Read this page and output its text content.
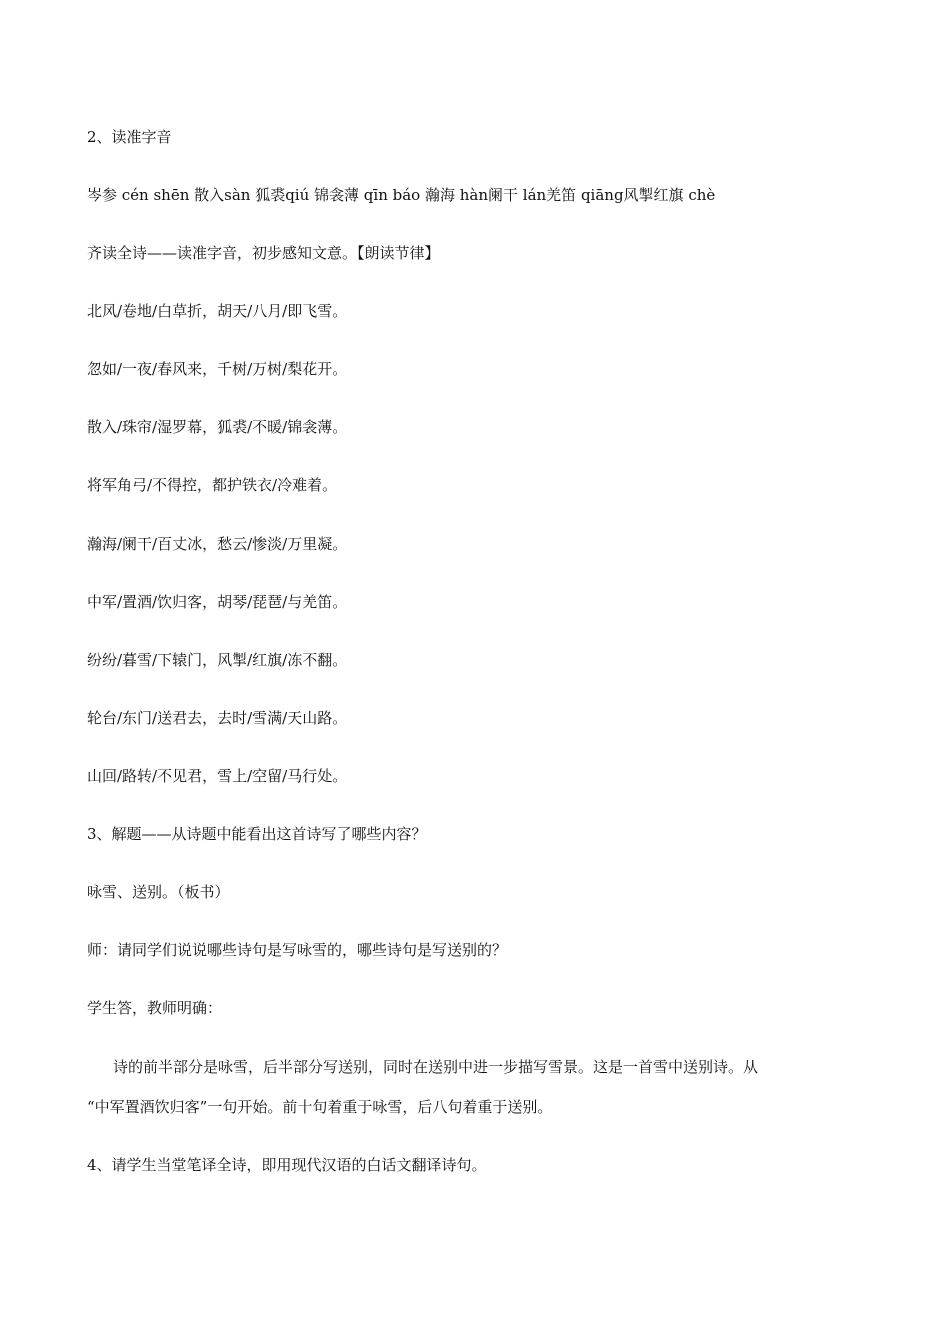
2、读准字音
岑参 cén shēn 散入sàn 狐裘qiú 锦衾薄 qīn báo 瀚海 hàn阑干 lán羌笛 qiāng风掣红旗 chè
齐读全诗——读准字音，初步感知文意。【朗读节律】
北风/卷地/白草折，胡天/八月/即飞雪。
忽如/一夜/春风来，千树/万树/梨花开。
散入/珠帘/湿罗幕，狐裘/不暖/锦衾薄。
将军角弓/不得控，都护铁衣/冷难着。
瀚海/阑干/百丈冰，愁云/惨淡/万里凝。
中军/置酒/饮归客，胡琴/琵琶/与羌笛。
纷纷/暮雪/下辕门，风掣/红旗/冻不翻。
轮台/东门/送君去，去时/雪满/天山路。
山回/路转/不见君，雪上/空留/马行处。
3、解题——从诗题中能看出这首诗写了哪些内容？
咏雪、送别。（板书）
师：请同学们说说哪些诗句是写咏雪的，哪些诗句是写送别的？
学生答，教师明确：
诗的前半部分是咏雪，后半部分写送别，同时在送别中进一步描写雪景。这是一首雪中送别诗。从
“中军置酒饮归客”一句开始。前十句着重于咏雪，后八句着重于送别。
4、请学生当堂笔译全诗，即用现代汉语的白话文翻译诗句。
